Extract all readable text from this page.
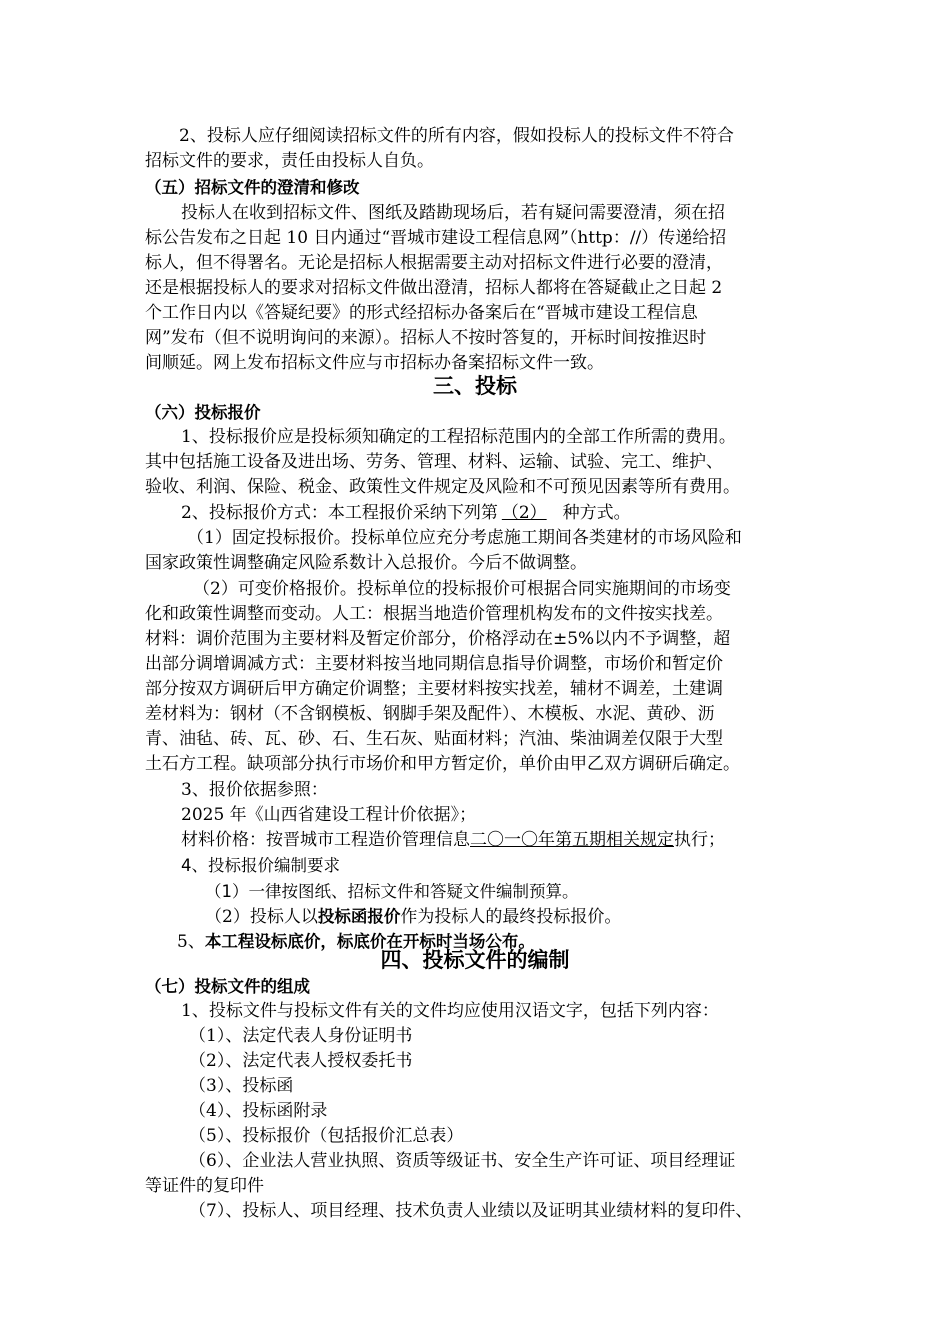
2、投标人应仔细阅读招标文件的所有内容，假如投标人的投标文件不符合
招标文件的要求，责任由投标人自负。
（五）招标文件的澄清和修改
投标人在收到招标文件、图纸及踏勘现场后，若有疑问需要澄清，须在招
标公告发布之日起 10 日内通过“晋城市建设工程信息网”（http：//）传递给招
标人，但不得署名。无论是招标人根据需要主动对招标文件进行必要的澄清，
还是根据投标人的要求对招标文件做出澄清，招标人都将在答疑截止之日起 2
个工作日内以《答疑纪要》的形式经招标办备案后在“晋城市建设工程信息
网”发布（但不说明询问的来源）。招标人不按时答复的，开标时间按推迟时
间顺延。网上发布招标文件应与市招标办备案招标文件一致。
三、投标
（六）投标报价
1、投标报价应是投标须知确定的工程招标范围内的全部工作所需的费用。
其中包括施工设备及进出场、劳务、管理、材料、运输、试验、完工、维护、
验收、利润、保险、税金、政策性文件规定及风险和不可预见因素等所有费用。
2、投标报价方式：本工程报价采纳下列第 （2） 种方式。
（1）固定投标报价。投标单位应充分考虑施工期间各类建材的市场风险和
国家政策性调整确定风险系数计入总报价。今后不做调整。
（2）可变价格报价。投标单位的投标报价可根据合同实施期间的市场变
化和政策性调整而变动。人工：根据当地造价管理机构发布的文件按实找差。
材料：调价范围为主要材料及暂定价部分，价格浮动在±5%以内不予调整，超
出部分调增调减方式：主要材料按当地同期信息指导价调整，市场价和暂定价
部分按双方调研后甲方确定价调整；主要材料按实找差，辅材不调差，土建调
差材料为：钢材（不含钢模板、钢脚手架及配件）、木模板、水泥、黄砂、沥
青、油毡、砖、瓦、砂、石、生石灰、贴面材料；汽油、柴油调差仅限于大型
土石方工程。缺项部分执行市场价和甲方暂定价，单价由甲乙双方调研后确定。
3、报价依据参照：
2025 年《山西省建设工程计价依据》；
材料价格：按晋城市工程造价管理信息二〇一〇年第五期相关规定执行；
4、投标报价编制要求
（1）一律按图纸、招标文件和答疑文件编制预算。
（2）投标人以投标函报价作为投标人的最终投标报价。
5、本工程设标底价，标底价在开标时当场公布。
四、投标文件的编制
（七）投标文件的组成
1、投标文件与投标文件有关的文件均应使用汉语文字，包括下列内容：
（1）、法定代表人身份证明书
（2）、法定代表人授权委托书
（3）、投标函
（4）、投标函附录
（5）、投标报价（包括报价汇总表）
（6）、企业法人营业执照、资质等级证书、安全生产许可证、项目经理证
等证件的复印件
（7）、投标人、项目经理、技术负责人业绩以及证明其业绩材料的复印件、
